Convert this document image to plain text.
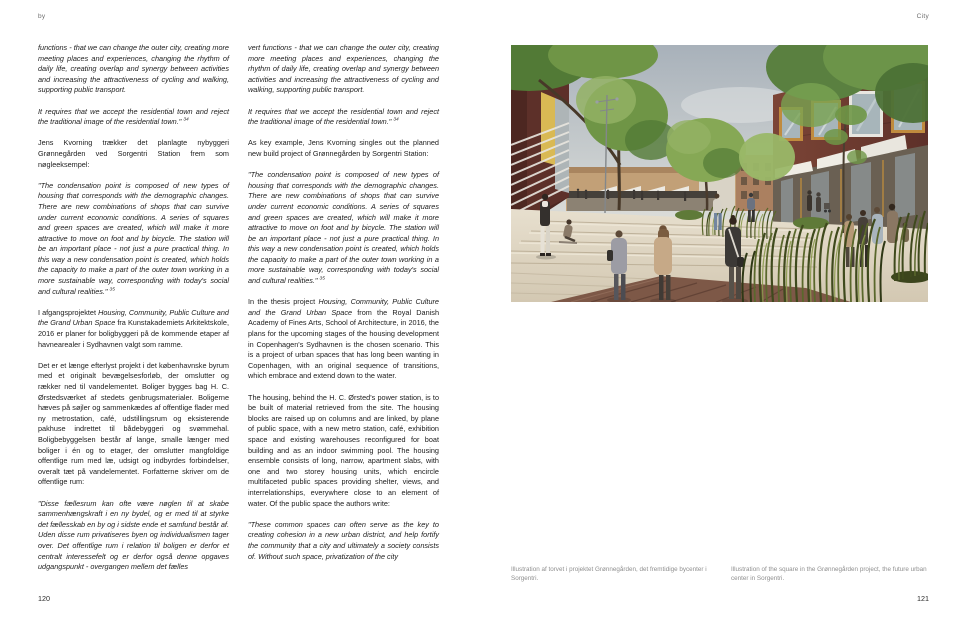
by

functions - that we can change the outer city, creating more meeting places and experiences, changing the rhythm of daily life, creating overlap and synergy between activities and increasing the attractiveness of cycling and walking, supporting public transport.

It requires that we accept the residential town and reject the traditional image of the residential town." $^{34}$

Jens Kvorning trækker det planlagte nybyggeri Grønnegården ved Sorgentri Station frem som nøgleeksempel:

"The condensation point is composed of new types of housing that corresponds with the demographic changes. There are new combinations of shops that can survive under current economic conditions. A series of squares and green spaces are created, which will make it more attractive to move on foot and by bicycle. The station will be an important place - not just a pure practical thing. In this way a new condensation point is created, which holds the capacity to make a part of the outer town working in a more sustainable way, corresponding with today's social and cultural realities." $^{35}$

I afgangsprojektet Housing, Community, Public Culture and the Grand Urban Space fra Kunstakademiets Arkitektskole, 2016 er planer for boligbyggeri på de kommende etaper af havnearealer i Sydhavnen valgt som ramme.

Det er et længe efterlyst projekt i det københavnske byrum med et originalt bevægelsesforløb, der omslutter og rækker ned til vandelementet. Boliger bygges bag H. C. Ørstedsværket af stedets genbrugsmaterialer. Boligerne hæves på søjler og sammenkædes af offentlige flader med ny metrostation, café, udstillingsrum og eksisterende pakhuse indrettet til bådebyggeri og svømmehal. Boligbebyggelsen består af lange, smalle længer med boliger i én og to etager, der omslutter mangfoldige offentlige rum med læ, udsigt og indbyrdes forbindelser, overalt tæt på vandelementet. Forfatterne skriver om de offentlige rum:

"Disse fællesrum kan ofte være nøglen til at skabe sammenhængskraft i en ny bydel, og er med til at styrke det fællesskab en by og i sidste ende et samfund består af. Uden disse rum privatiseres byen og individualismen tager over. Det offentlige rum i relation til boligen er derfor et centralt interessefelt og er derfor også denne opgaves udgangspunkt - overgangen mellem det fælles

vert functions - that we can change the outer city, creating more meeting places and experiences, changing the rhythm of daily life, creating overlap and synergy between activities and increasing the attractiveness of cycling and walking, supporting public transport.

It requires that we accept the residential town and reject the traditional image of the residential town." $^{34}$

As key example, Jens Kvorning singles out the planned new build project of Grønnegården by Sorgentri Station:

"The condensation point is composed of new types of housing that corresponds with the demographic changes. There are new combinations of shops that can survive under current economic conditions. A series of squares and green spaces are created, which will make it more attractive to move on foot and by bicycle. The station will be an important place - not just a pure practical thing. In this way a new condensation point is created, which holds the capacity to make a part of the outer town working in a more sustainable way, corresponding with today's social and cultural realities." $^{35}$

In the thesis project Housing, Community, Public Culture and the Grand Urban Space from the Royal Danish Academy of Fines Arts, School of Architecture, in 2016, the plans for the upcoming stages of the housing development in Copenhagen's Sydhavnen is the chosen scenario. This is a project of urban spaces that has long been wanting in Copenhagen, with an original sequence of transitions, which embrace and extend down to the water.

The housing, behind the H. C. Ørsted's power station, is to be built of material retrieved from the site. The housing blocks are raised up on columns and are linked, by plane of public space, with a new metro station, café, exhibition space and existing warehouses reconfigured for boat building and as an indoor swimming pool. The housing ensemble consists of long, narrow, apartment slabs, with one and two storey housing units, which encircle multifaceted public spaces providing shelter, views, and interrelationships, everywhere close to an element of water. Of the public space the authors write:

"These common spaces can often serve as the key to creating cohesion in a new urban district, and help fortify the community that a city and ultimately a society consists of. Without such space, privatization of the city

120
City
Illustration af torvet i projektet Grønnegården, det fremtidige bycenter i Sorgentri.
Illustration of the square in the Grønnegården project, the future urban center in Sorgentri.
121
